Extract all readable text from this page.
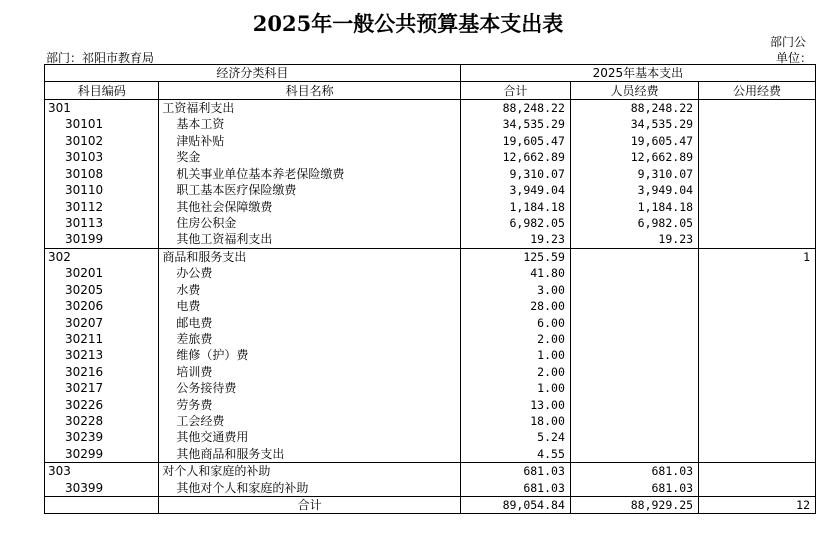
2025年一般公共预算基本支出表
部门公
部门：祁阳市教育局	单位：
经济分类科目		2025年基本支出		
科目编码	科目名称	合计	人员经费	公用经费
301	工资福利支出	88,248.22	88,248.22	
30101	基本工资	34,535.29	34,535.29	
30102	津贴补贴	19,605.47	19,605.47	
30103	奖金	12,662.89	12,662.89	
30108	机关事业单位基本养老保险缴费	9,310.07	9,310.07	
30110	职工基本医疗保险缴费	3,949.04	3,949.04	
30112	其他社会保障缴费	1,184.18	1,184.18	
30113	住房公积金	6,982.05	6,982.05	
30199	其他工资福利支出	19.23	19.23	
302	商品和服务支出	125.59		1
30201	办公费	41.80		
30205	水费	3.00		
30206	电费	28.00		
30207	邮电费	6.00		
30211	差旅费	2.00		
30213	维修（护）费	1.00		
30216	培训费	2.00		
30217	公务接待费	1.00		
30226	劳务费	13.00		
30228	工会经费	18.00		
30239	其他交通费用	5.24		
30299	其他商品和服务支出	4.55		
303	对个人和家庭的补助	681.03	681.03	
30399	其他对个人和家庭的补助	681.03	681.03	
	合计	89,054.84	88,929.25	12
